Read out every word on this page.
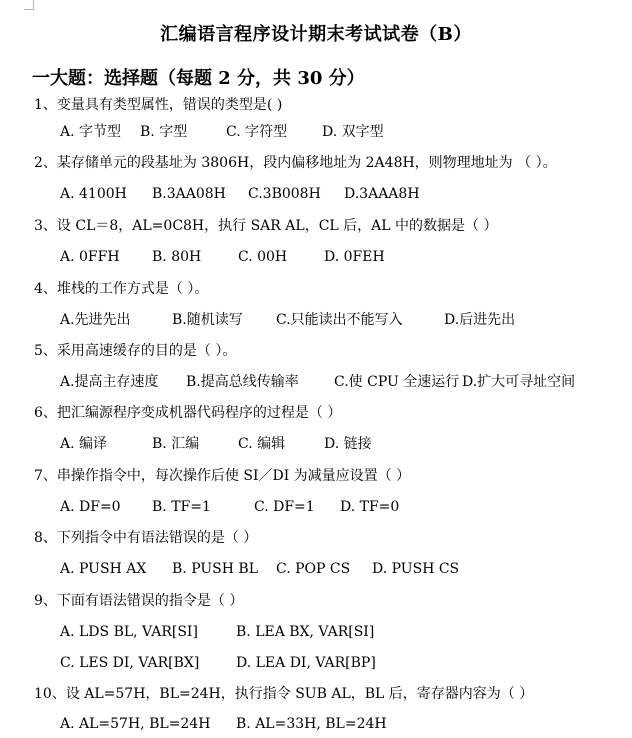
汇编语言程序设计期末考试试卷（B）
一大题：选择题（每题 2 分，共 30 分）
1、变量具有类型属性，错误的类型是( )
A. 字节型 B. 字型	C. 字符型 D. 双字型
2、某存储单元的段基址为 3806H，段内偏移地址为 2A48H，则物理地址为 （ ）。
A. 4100H B.3AA08H C.3B008H D.3AAA8H
3、设 CL＝8，AL=0C8H，执行 SAR AL，CL 后，AL 中的数据是（ ）
A. 0FFH B. 80H	C. 00H	D. 0FEH
4、堆栈的工作方式是（ ）。
A.先进先出	B.随机读写 C.只能读出不能写入	D.后进先出
5、采用高速缓存的目的是（ ）。
A.提高主存速度 B.提高总线传输率	C.使 CPU 全速运行 D.扩大可寻址空间
6、把汇编源程序变成机器代码程序的过程是（ ）
A. 编译	B. 汇编	C. 编辑	D. 链接
7、串操作指令中，每次操作后使 SI／DI 为减量应设置（ ）
A. DF=0 B. TF=1	C. DF=1 D. TF=0
8、下列指令中有语法错误的是（ ）
A. PUSH AX B. PUSH BL C. POP CS D. PUSH CS
9、下面有语法错误的指令是（ ）
A. LDS BL, VAR[SI]	B. LEA BX, VAR[SI]
C. LES DI, VAR[BX]	D. LEA DI, VAR[BP]
10、设 AL=57H，BL=24H，执行指令 SUB AL，BL 后，寄存器内容为（ ）
A. AL=57H, BL=24H B. AL=33H, BL=24H
